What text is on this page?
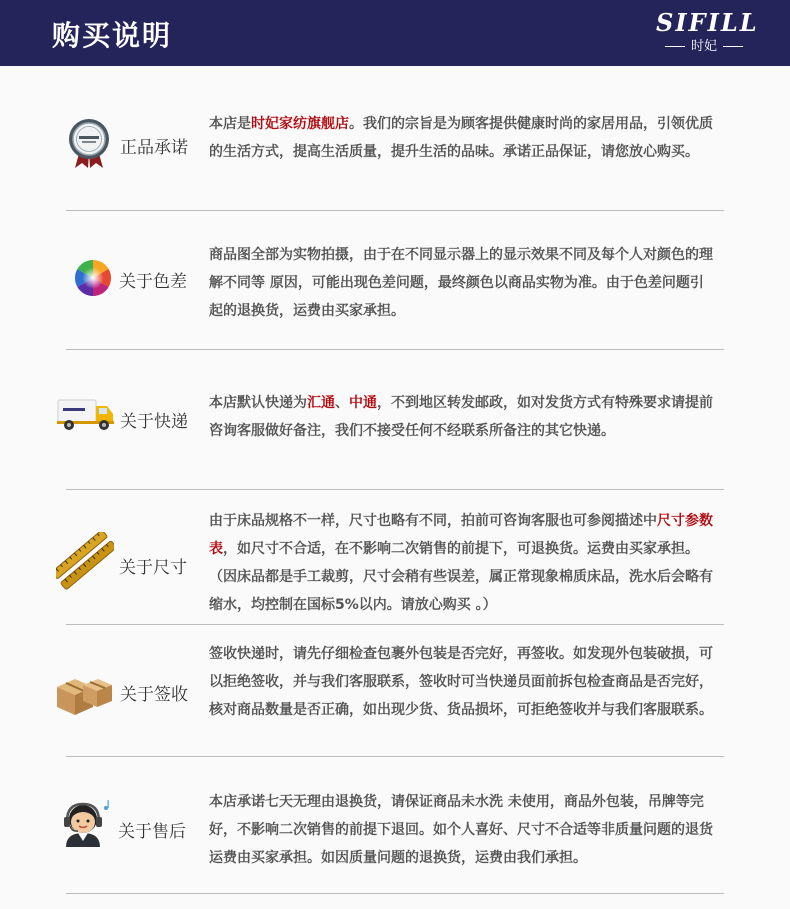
购买说明	SIFILL
时妃
正品承诺
本店是时妃家纺旗舰店。我们的宗旨是为顾客提供健康时尚的家居用品，引领优质的生活方式，提高生活质量，提升生活的品味。承诺正品保证，请您放心购买。
关于色差
商品图全部为实物拍摄，由于在不同显示器上的显示效果不同及每个人对颜色的理解不同等 原因，可能出现色差问题，最终颜色以商品实物为准。由于色差问题引起的退换货，运费由买家承担。
关于快递
本店默认快递为汇通、中通，不到地区转发邮政，如对发货方式有特殊要求请提前咨询客服做好备注，我们不接受任何不经联系所备注的其它快递。
关于尺寸
由于床品规格不一样，尺寸也略有不同，拍前可咨询客服也可参阅描述中尺寸参数表，如尺寸不合适，在不影响二次销售的前提下，可退换货。运费由买家承担。（因床品都是手工裁剪，尺寸会稍有些误差，属正常现象棉质床品，洗水后会略有缩水，均控制在国标5%以内。请放心购买 。）
关于签收
签收快递时，请先仔细检查包裹外包装是否完好，再签收。如发现外包装破损，可以拒绝签收，并与我们客服联系，签收时可当快递员面前拆包检查商品是否完好，核对商品数量是否正确，如出现少货、货品损坏，可拒绝签收并与我们客服联系。
关于售后
本店承诺七天无理由退换货，请保证商品未水洗 未使用，商品外包装，吊牌等完好，不影响二次销售的前提下退回。如个人喜好、尺寸不合适等非质量问题的退货运费由买家承担。如因质量问题的退换货，运费由我们承担。
